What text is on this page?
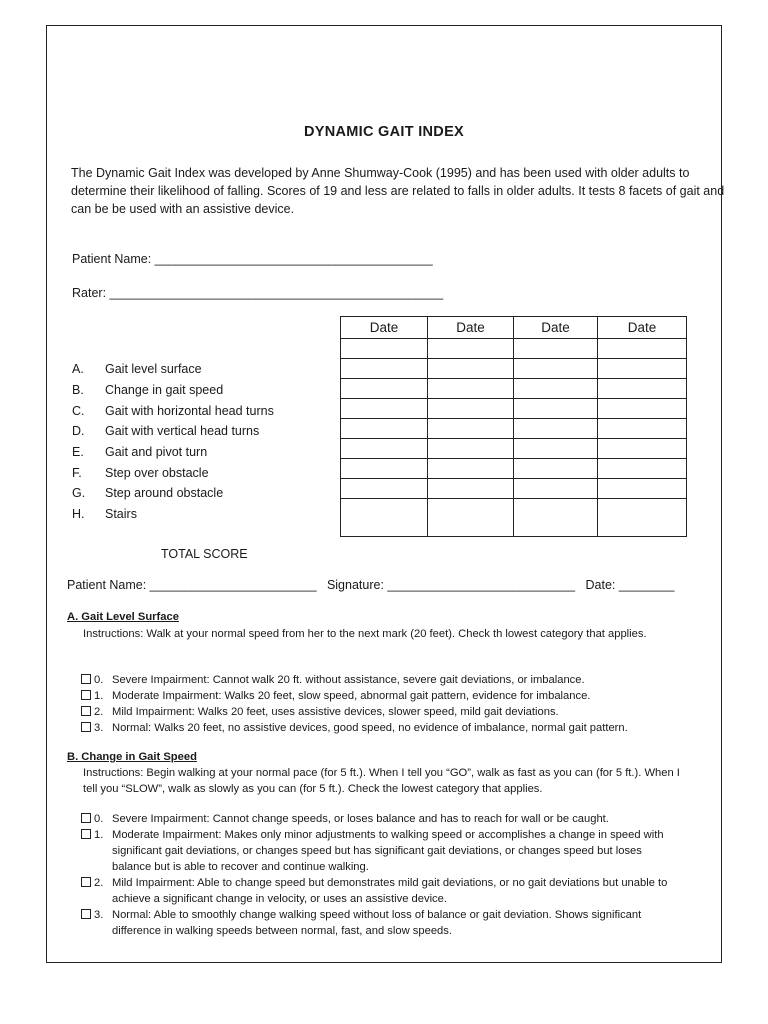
DYNAMIC GAIT INDEX
The Dynamic Gait Index was developed by Anne Shumway-Cook (1995) and has been used with older adults to determine their likelihood of falling. Scores of 19 and less are related to falls in older adults. It tests 8 facets of gait and can be be used with an assistive device.
Patient Name: ________________________________________
Rater: ________________________________________________
Date	Date	Date	Date

A.	Gait level surface
B.	Change in gait speed
C.	Gait with horizontal head turns
D.	Gait with vertical head turns
E.	Gait and pivot turn
F.	Step over obstacle
G.	Step around obstacle
H.	Stairs
TOTAL SCORE
Patient Name: ________________________   Signature: ___________________________   Date: ________
A. Gait Level Surface
Instructions: Walk at your normal speed from her to the next mark (20 feet). Check th lowest category that applies.
0. Severe Impairment: Cannot walk 20 ft. without assistance, severe gait deviations, or imbalance.
1. Moderate Impairment: Walks 20 feet, slow speed, abnormal gait pattern, evidence for imbalance.
2. Mild Impairment: Walks 20 feet, uses assistive devices, slower speed, mild gait deviations.
3. Normal: Walks 20 feet, no assistive devices, good speed, no evidence of imbalance, normal gait pattern.
B. Change in Gait Speed
Instructions: Begin walking at your normal pace (for 5 ft.). When I tell you “GO”, walk as fast as you can (for 5 ft.). When I tell you “SLOW”, walk as slowly as you can (for 5 ft.). Check the lowest category that applies.
0. Severe Impairment: Cannot change speeds, or loses balance and has to reach for wall or be caught.
1. Moderate Impairment: Makes only minor adjustments to walking speed or accomplishes a change in speed with significant gait deviations, or changes speed but has significant gait deviations, or changes speed but loses balance but is able to recover and continue walking.
2. Mild Impairment: Able to change speed but demonstrates mild gait deviations, or no gait deviations but unable to achieve a significant change in velocity, or uses an assistive device.
3. Normal: Able to smoothly change walking speed without loss of balance or gait deviation. Shows significant difference in walking speeds between normal, fast, and slow speeds.
